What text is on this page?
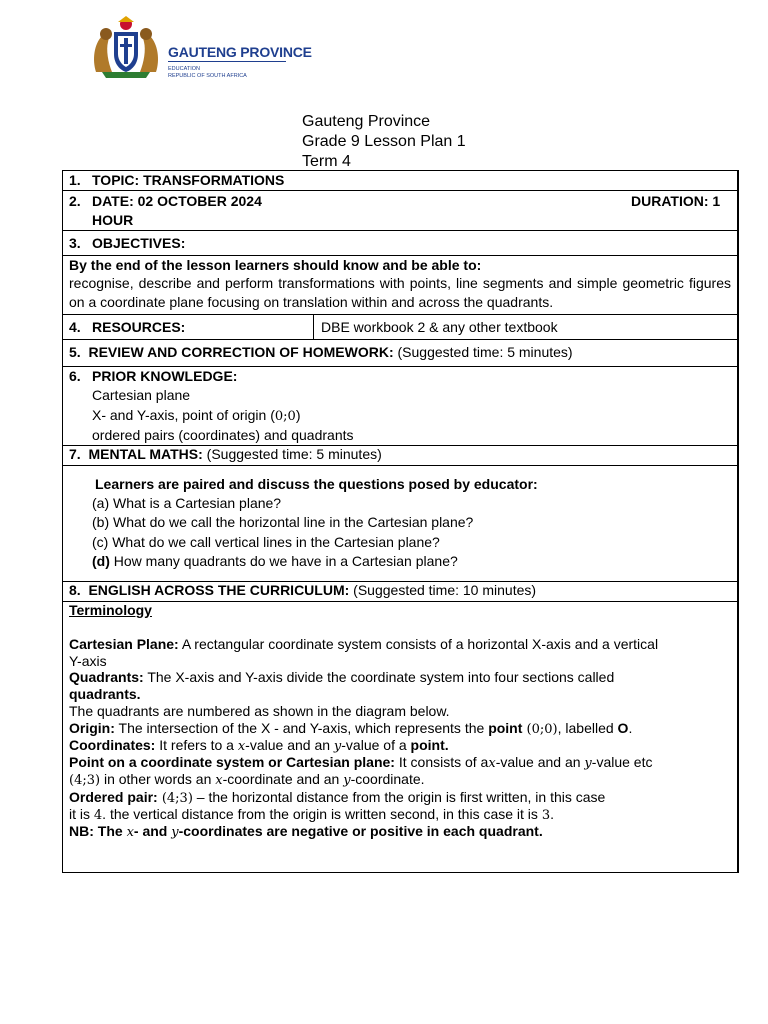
GAUTENG PROVINCE
EDUCATION
REPUBLIC OF SOUTH AFRICA
Gauteng Province
Grade 9 Lesson Plan 1
Term 4
1. TOPIC: TRANSFORMATIONS
2. DATE: 02 OCTOBER 2024	DURATION: 1
HOUR
3. OBJECTIVES:
By the end of the lesson learners should know and be able to:
recognise, describe and perform transformations with points, line segments and simple geometric figures on a coordinate plane focusing on translation within and across the quadrants.
4. RESOURCES:	DBE workbook 2 & any other textbook
5. REVIEW AND CORRECTION OF HOMEWORK: (Suggested time: 5 minutes)
6. PRIOR KNOWLEDGE:
Cartesian plane
X- and Y-axis, point of origin (0;0)
ordered pairs (coordinates) and quadrants
7. MENTAL MATHS: (Suggested time: 5 minutes)
Learners are paired and discuss the questions posed by educator:
(a) What is a Cartesian plane?
(b) What do we call the horizontal line in the Cartesian plane?
(c) What do we call vertical lines in the Cartesian plane?
(d) How many quadrants do we have in a Cartesian plane?
8. ENGLISH ACROSS THE CURRICULUM: (Suggested time: 10 minutes)
Terminology
Cartesian Plane: A rectangular coordinate system consists of a horizontal X-axis and a vertical
Y-axis
Quadrants: The X-axis and Y-axis divide the coordinate system into four sections called
quadrants.
The quadrants are numbered as shown in the diagram below.
Origin: The intersection of the X - and Y-axis, which represents the point (0;0), labelled O.
Coordinates: It refers to a x-value and an y-value of a point.
Point on a coordinate system or Cartesian plane: It consists of ax-value and an y-value etc
(4;3) in other words an x-coordinate and an y-coordinate.
Ordered pair: (4;3) – the horizontal distance from the origin is first written, in this case
it is 4. the vertical distance from the origin is written second, in this case it is 3.
NB: The x- and y-coordinates are negative or positive in each quadrant.
